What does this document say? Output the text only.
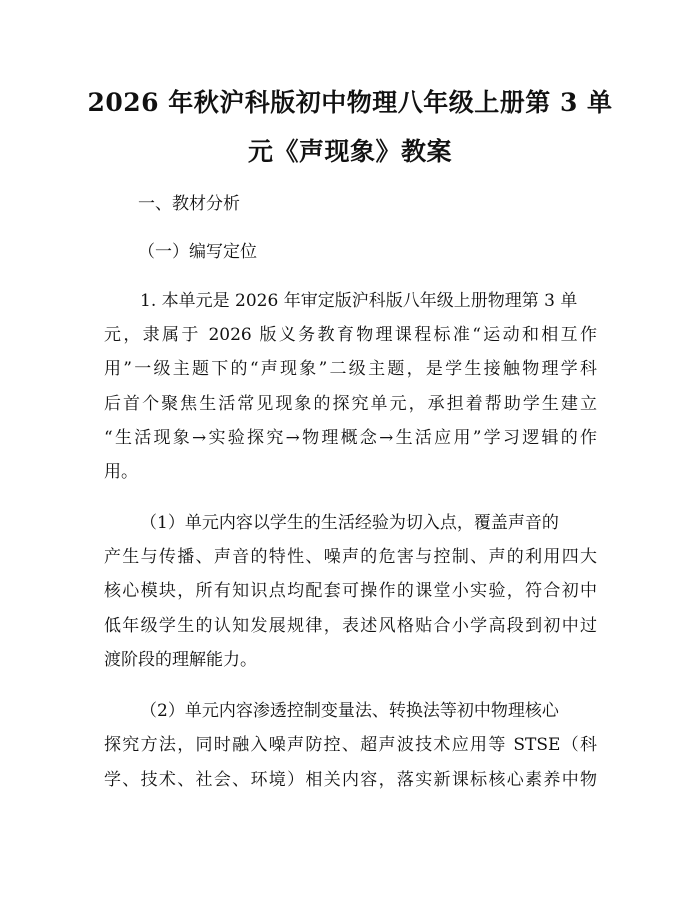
2026 年秋沪科版初中物理八年级上册第 3 单
元《声现象》教案
一、教材分析
（一）编写定位
1. 本单元是 2026 年审定版沪科版八年级上册物理第 3 单
元，隶属于 2026 版义务教育物理课程标准“运动和相互作
用”一级主题下的“声现象”二级主题，是学生接触物理学科
后首个聚焦生活常见现象的探究单元，承担着帮助学生建立
“生活现象→实验探究→物理概念→生活应用”学习逻辑的作
用。
（1）单元内容以学生的生活经验为切入点，覆盖声音的
产生与传播、声音的特性、噪声的危害与控制、声的利用四大
核心模块，所有知识点均配套可操作的课堂小实验，符合初中
低年级学生的认知发展规律，表述风格贴合小学高段到初中过
渡阶段的理解能力。
（2）单元内容渗透控制变量法、转换法等初中物理核心
探究方法，同时融入噪声防控、超声波技术应用等 STSE（科
学、技术、社会、环境）相关内容，落实新课标核心素养中物
